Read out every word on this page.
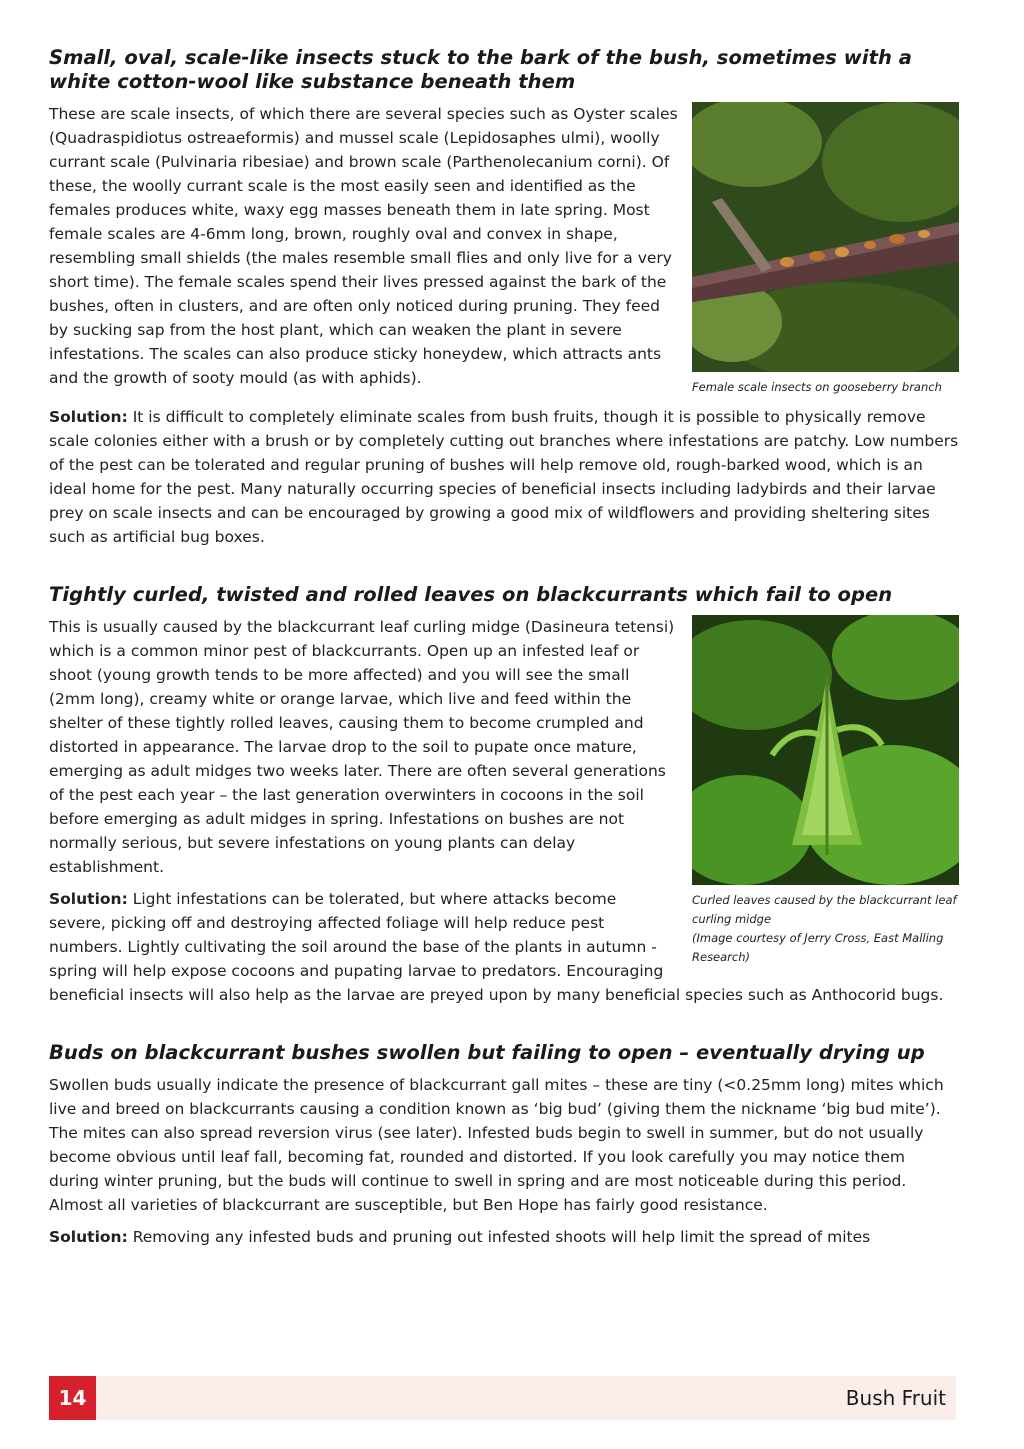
Small, oval, scale-like insects stuck to the bark of the bush, sometimes with a white cotton-wool like substance beneath them
Female scale insects on gooseberry branch

These are scale insects, of which there are several species such as Oyster scales (Quadraspidiotus ostreaeformis) and mussel scale (Lepidosaphes ulmi), woolly currant scale (Pulvinaria ribesiae) and brown scale (Parthenolecanium corni). Of these, the woolly currant scale is the most easily seen and identified as the females produces white, waxy egg masses beneath them in late spring. Most female scales are 4-6mm long, brown, roughly oval and convex in shape, resembling small shields (the males resemble small flies and only live for a very short time). The female scales spend their lives pressed against the bark of the bushes, often in clusters, and are often only noticed during pruning. They feed by sucking sap from the host plant, which can weaken the plant in severe infestations. The scales can also produce sticky honeydew, which attracts ants and the growth of sooty mould (as with aphids).

Solution: It is difficult to completely eliminate scales from bush fruits, though it is possible to physically remove scale colonies either with a brush or by completely cutting out branches where infestations are patchy. Low numbers of the pest can be tolerated and regular pruning of bushes will help remove old, rough-barked wood, which is an ideal home for the pest. Many naturally occurring species of beneficial insects including ladybirds and their larvae prey on scale insects and can be encouraged by growing a good mix of wildflowers and providing sheltering sites such as artificial bug boxes.

Tightly curled, twisted and rolled leaves on blackcurrants which fail to open
Curled leaves caused by the blackcurrant leaf curling midge
(Image courtesy of Jerry Cross, East Malling Research)

This is usually caused by the blackcurrant leaf curling midge (Dasineura tetensi) which is a common minor pest of blackcurrants. Open up an infested leaf or shoot (young growth tends to be more affected) and you will see the small (2mm long), creamy white or orange larvae, which live and feed within the shelter of these tightly rolled leaves, causing them to become crumpled and distorted in appearance. The larvae drop to the soil to pupate once mature, emerging as adult midges two weeks later. There are often several generations of the pest each year – the last generation overwinters in cocoons in the soil before emerging as adult midges in spring. Infestations on bushes are not normally serious, but severe infestations on young plants can delay establishment.

Solution: Light infestations can be tolerated, but where attacks become severe, picking off and destroying affected foliage will help reduce pest numbers. Lightly cultivating the soil around the base of the plants in autumn - spring will help expose cocoons and pupating larvae to predators. Encouraging beneficial insects will also help as the larvae are preyed upon by many beneficial species such as Anthocorid bugs.

Buds on blackcurrant bushes swollen but failing to open – eventually drying up

Swollen buds usually indicate the presence of blackcurrant gall mites – these are tiny (<0.25mm long) mites which live and breed on blackcurrants causing a condition known as ‘big bud’ (giving them the nickname ‘big bud mite’). The mites can also spread reversion virus (see later). Infested buds begin to swell in summer, but do not usually become obvious until leaf fall, becoming fat, rounded and distorted. If you look carefully you may notice them during winter pruning, but the buds will continue to swell in spring and are most noticeable during this period. Almost all varieties of blackcurrant are susceptible, but Ben Hope has fairly good resistance.

Solution: Removing any infested buds and pruning out infested shoots will help limit the spread of mites

14	Bush Fruit
